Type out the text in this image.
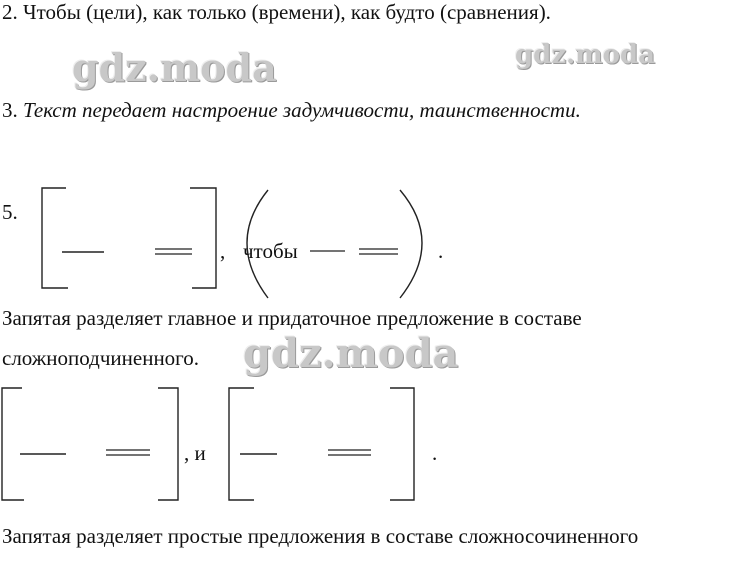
gdz.moda	gdz.moda
gdz.moda
2. Чтобы (цели), как только (времени), как будто (сравнения).
3. Текст передает настроение задумчивости, таинственности.
5.
, чтобы	.
, и	.
Запятая разделяет главное и придаточное предложение в составе
сложноподчиненного.
Запятая разделяет простые предложения в составе сложносочиненного
